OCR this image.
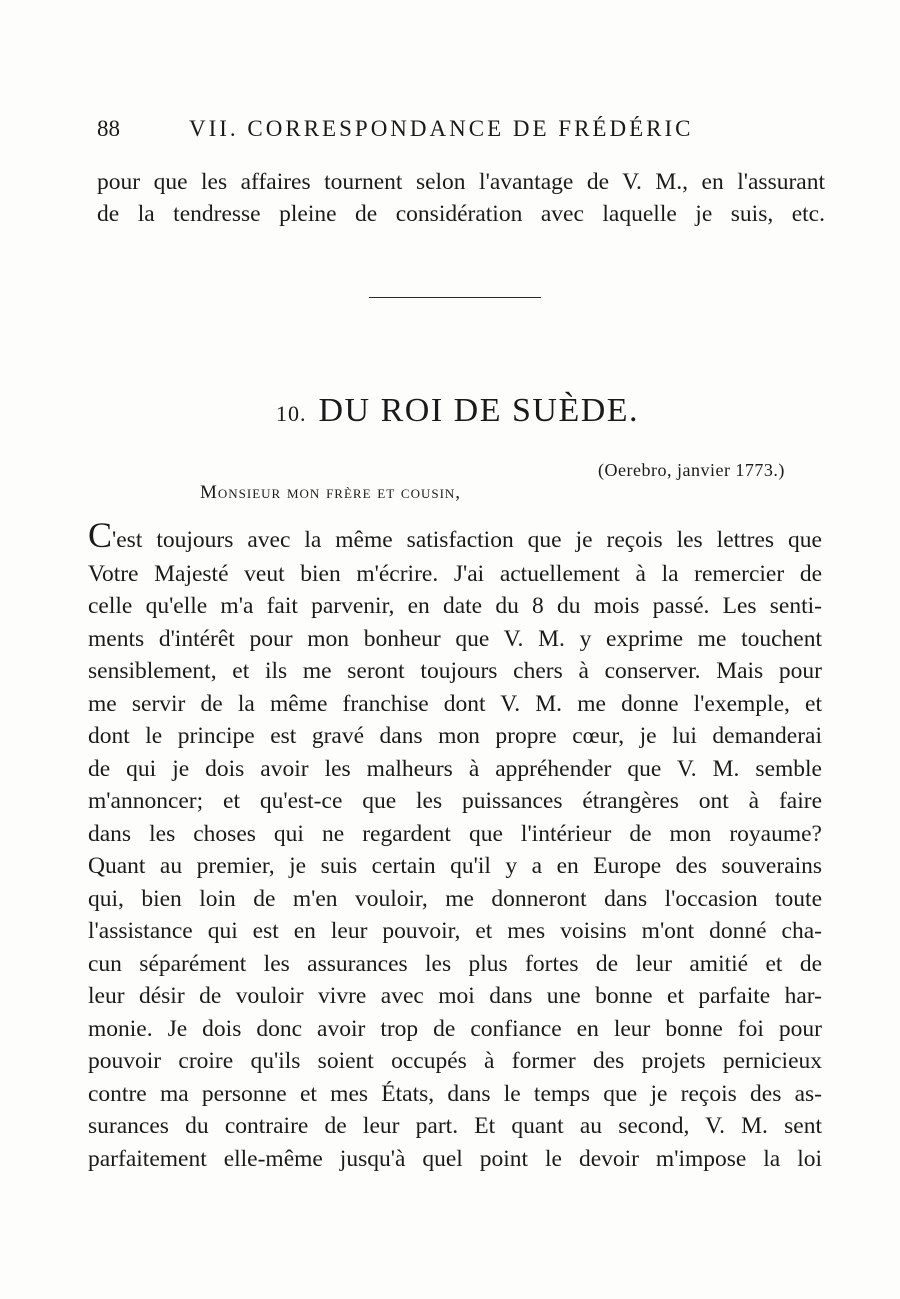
88	VII. CORRESPONDANCE DE FRÉDÉRIC
pour que les affaires tournent selon l'avantage de V. M., en l'assurant
de la tendresse pleine de considération avec laquelle je suis, etc.
10. DU ROI DE SUÈDE.
(Oerebro, janvier 1773.)
Monsieur mon frère et cousin,
C'est toujours avec la même satisfaction que je reçois les lettres que
Votre Majesté veut bien m'écrire. J'ai actuellement à la remercier de
celle qu'elle m'a fait parvenir, en date du 8 du mois passé. Les senti-
ments d'intérêt pour mon bonheur que V. M. y exprime me touchent
sensiblement, et ils me seront toujours chers à conserver. Mais pour
me servir de la même franchise dont V. M. me donne l'exemple, et
dont le principe est gravé dans mon propre cœur, je lui demanderai
de qui je dois avoir les malheurs à appréhender que V. M. semble
m'annoncer; et qu'est-ce que les puissances étrangères ont à faire
dans les choses qui ne regardent que l'intérieur de mon royaume?
Quant au premier, je suis certain qu'il y a en Europe des souverains
qui, bien loin de m'en vouloir, me donneront dans l'occasion toute
l'assistance qui est en leur pouvoir, et mes voisins m'ont donné cha-
cun séparément les assurances les plus fortes de leur amitié et de
leur désir de vouloir vivre avec moi dans une bonne et parfaite har-
monie. Je dois donc avoir trop de confiance en leur bonne foi pour
pouvoir croire qu'ils soient occupés à former des projets pernicieux
contre ma personne et mes États, dans le temps que je reçois des as-
surances du contraire de leur part. Et quant au second, V. M. sent
parfaitement elle-même jusqu'à quel point le devoir m'impose la loi
